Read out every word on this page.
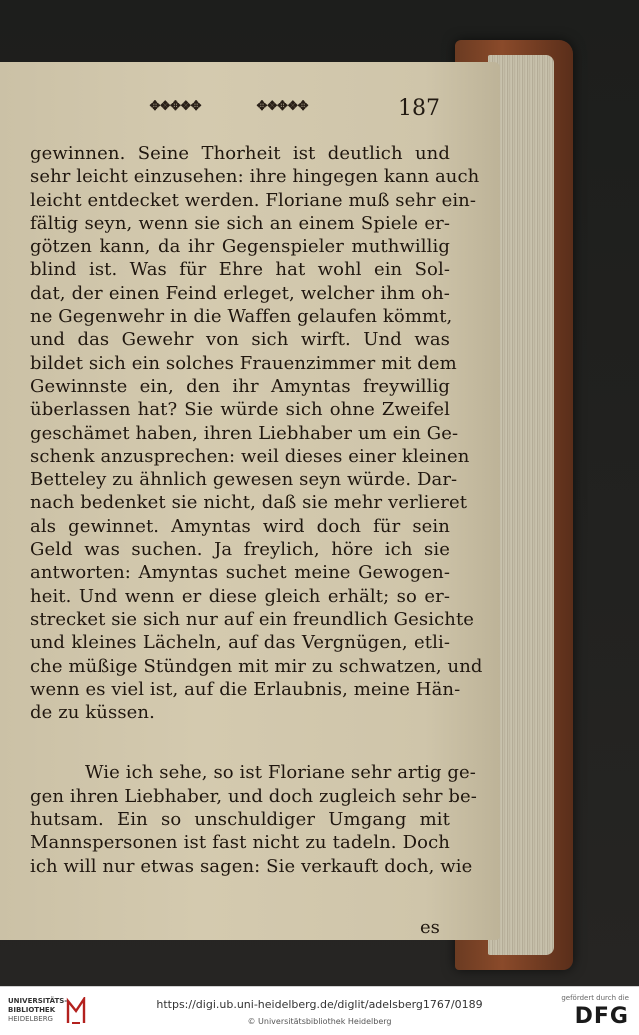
✥❖✥❖✥	✥❖✥❖✥	187
gewinnen. Seine Thorheit ist deutlich und
sehr leicht einzusehen: ihre hingegen kann auch
leicht entdecket werden. Floriane muß sehr ein-
fältig seyn, wenn sie sich an einem Spiele er-
götzen kann, da ihr Gegenspieler muthwillig
blind ist. Was für Ehre hat wohl ein Sol-
dat, der einen Feind erleget, welcher ihm oh-
ne Gegenwehr in die Waffen gelaufen kömmt,
und das Gewehr von sich wirft. Und was
bildet sich ein solches Frauenzimmer mit dem
Gewinnste ein, den ihr Amyntas freywillig
überlassen hat? Sie würde sich ohne Zweifel
geschämet haben, ihren Liebhaber um ein Ge-
schenk anzusprechen: weil dieses einer kleinen
Betteley zu ähnlich gewesen seyn würde. Dar-
nach bedenket sie nicht, daß sie mehr verlieret
als gewinnet. Amyntas wird doch für sein
Geld was suchen. Ja freylich, höre ich sie
antworten: Amyntas suchet meine Gewogen-
heit. Und wenn er diese gleich erhält; so er-
strecket sie sich nur auf ein freundlich Gesichte
und kleines Lächeln, auf das Vergnügen, etli-
che müßige Stündgen mit mir zu schwatzen, und
wenn es viel ist, auf die Erlaubnis, meine Hän-
de zu küssen.
Wie ich sehe, so ist Floriane sehr artig ge-
gen ihren Liebhaber, und doch zugleich sehr be-
hutsam. Ein so unschuldiger Umgang mit
Mannspersonen ist fast nicht zu tadeln. Doch
ich will nur etwas sagen: Sie verkauft doch, wie
es
UNIVERSITÄTS-
BIBLIOTHEK
HEIDELBERG
https://digi.ub.uni-heidelberg.de/diglit/adelsberg1767/0189
© Universitätsbibliothek Heidelberg
gefördert durch die
DFG
